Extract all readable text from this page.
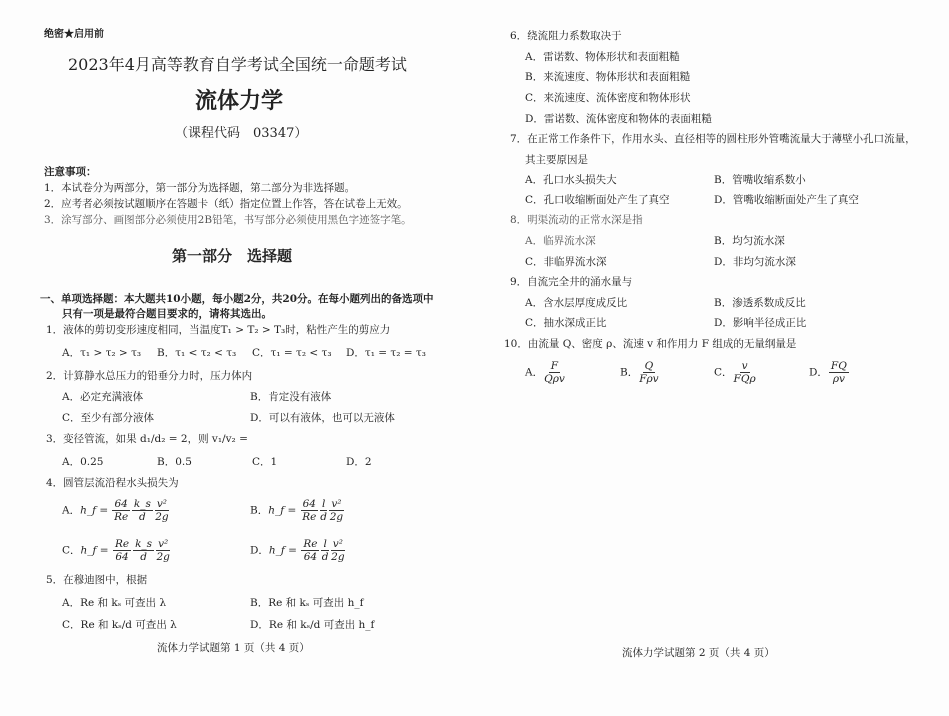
绝密★启用前
2023年4月高等教育自学考试全国统一命题考试
流体力学
（课程代码　03347）
注意事项：
1．本试卷分为两部分，第一部分为选择题，第二部分为非选择题。
2．应考者必须按试题顺序在答题卡（纸）指定位置上作答，答在试卷上无效。
3．涂写部分、画图部分必须使用2B铅笔，书写部分必须使用黑色字迹签字笔。
第一部分　选择题
一、单项选择题：本大题共10小题，每小题2分，共20分。在每小题列出的备选项中
只有一项是最符合题目要求的，请将其选出。
1．液体的剪切变形速度相同，当温度T₁ > T₂ > T₃时，粘性产生的剪应力
A．τ₁ > τ₂ > τ₃ B．τ₁ < τ₂ < τ₃ C．τ₁ = τ₂ < τ₃ D．τ₁ = τ₂ = τ₃
2．计算静水总压力的铅垂分力时，压力体内
A．必定充满液体	B．肯定没有液体
C．至少有部分液体	D．可以有液体，也可以无液体
3．变径管流，如果 d₁/d₂ = 2，则 v₁/v₂ =
A．0.25	B．0.5	C．1	D．2
4．圆管层流沿程水头损失为
A．h_f = $\frac{64}{Re} \frac{k\_s}{d} \frac{\text{v²}}{2g}$	B．h_f = $\frac{64}{Re} \frac{l}{d} \frac{\text{v²}}{2g}$
C．h_f = $\frac{Re}{64} \frac{k\_s}{d} \frac{\text{v²}}{2g}$	D．h_f = $\frac{Re}{64} \frac{l}{d} \frac{\text{v²}}{2g}$
5．在穆迪图中，根据
A．Re 和 kₛ 可查出 λ	B．Re 和 kₛ 可查出 h_f
C．Re 和 kₛ/d 可查出 λ	D．Re 和 kₛ/d 可查出 h_f
流体力学试题第 1 页（共 4 页）
6．绕流阻力系数取决于
A．雷诺数、物体形状和表面粗糙
B．来流速度、物体形状和表面粗糙
C．来流速度、流体密度和物体形状
D．雷诺数、流体密度和物体的表面粗糙
7．在正常工作条件下，作用水头、直径相等的圆柱形外管嘴流量大于薄壁小孔口流量，
其主要原因是
A．孔口水头损失大	B．管嘴收缩系数小
C．孔口收缩断面处产生了真空	D．管嘴收缩断面处产生了真空
8．明渠流动的正常水深是指
A．临界流水深	B．均匀流水深
C．非临界流水深	D．非均匀流水深
9．自流完全井的涌水量与
A．含水层厚度成反比	B．渗透系数成反比
C．抽水深成正比	D．影响半径成正比
10．由流量 Q、密度 ρ、流速 v 和作用力 F 组成的无量纲量是
A． $\frac{F}{\text{Qρv}}$	B． $\frac{Q}{\text{Fρv}}$	C． $\frac{v}{\text{FQρ}}$	D． $\frac{FQ}{\rho v}$
流体力学试题第 2 页（共 4 页）
